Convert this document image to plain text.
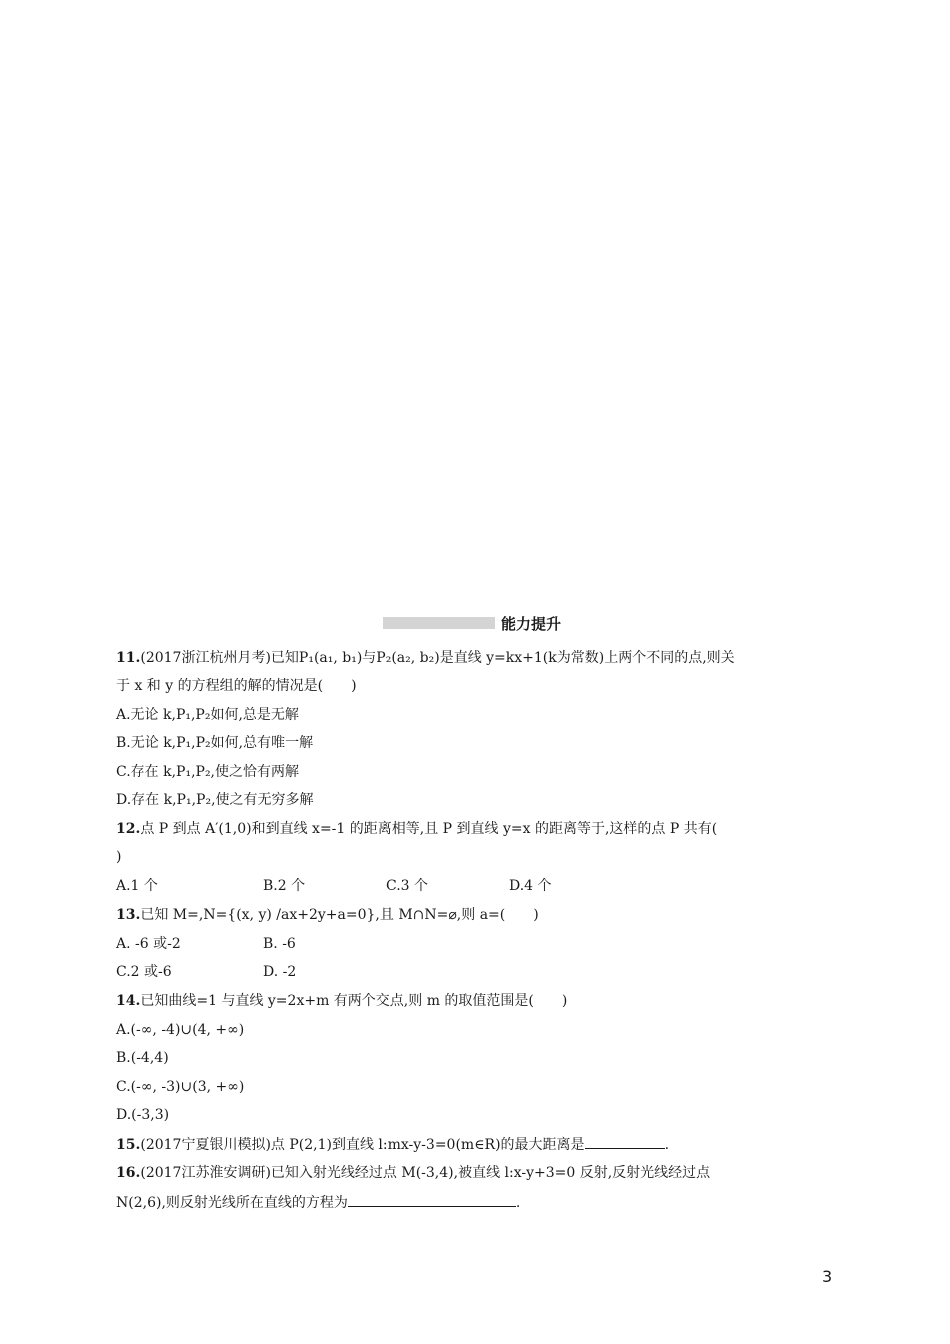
能力提升
11.(2017浙江杭州月考)已知P₁(a₁, b₁)与P₂(a₂, b₂)是直线 y=kx+1(k为常数)上两个不同的点,则关
于 x 和 y 的方程组的解的情况是(　　)
A.无论 k,P₁,P₂如何,总是无解
B.无论 k,P₁,P₂如何,总有唯一解
C.存在 k,P₁,P₂,使之恰有两解
D.存在 k,P₁,P₂,使之有无穷多解
12.点 P 到点 A′(1,0)和到直线 x=-1 的距离相等,且 P 到直线 y=x 的距离等于,这样的点 P 共有(
)
A.1 个	B.2 个	C.3 个	D.4 个
13.已知 M=,N={(x, y) /ax+2y+a=0},且 M∩N=⌀,则 a=(　　)
A. -6 或-2	B. -6
C.2 或-6	D. -2
14.已知曲线=1 与直线 y=2x+m 有两个交点,则 m 的取值范围是(　　)
A.(-∞, -4)∪(4, +∞)
B.(-4,4)
C.(-∞, -3)∪(3, +∞)
D.(-3,3)
15.(2017宁夏银川模拟)点 P(2,1)到直线 l:mx-y-3=0(m∈R)的最大距离是	.
16.(2017江苏淮安调研)已知入射光线经过点 M(-3,4),被直线 l:x-y+3=0 反射,反射光线经过点
N(2,6),则反射光线所在直线的方程为	.
3
